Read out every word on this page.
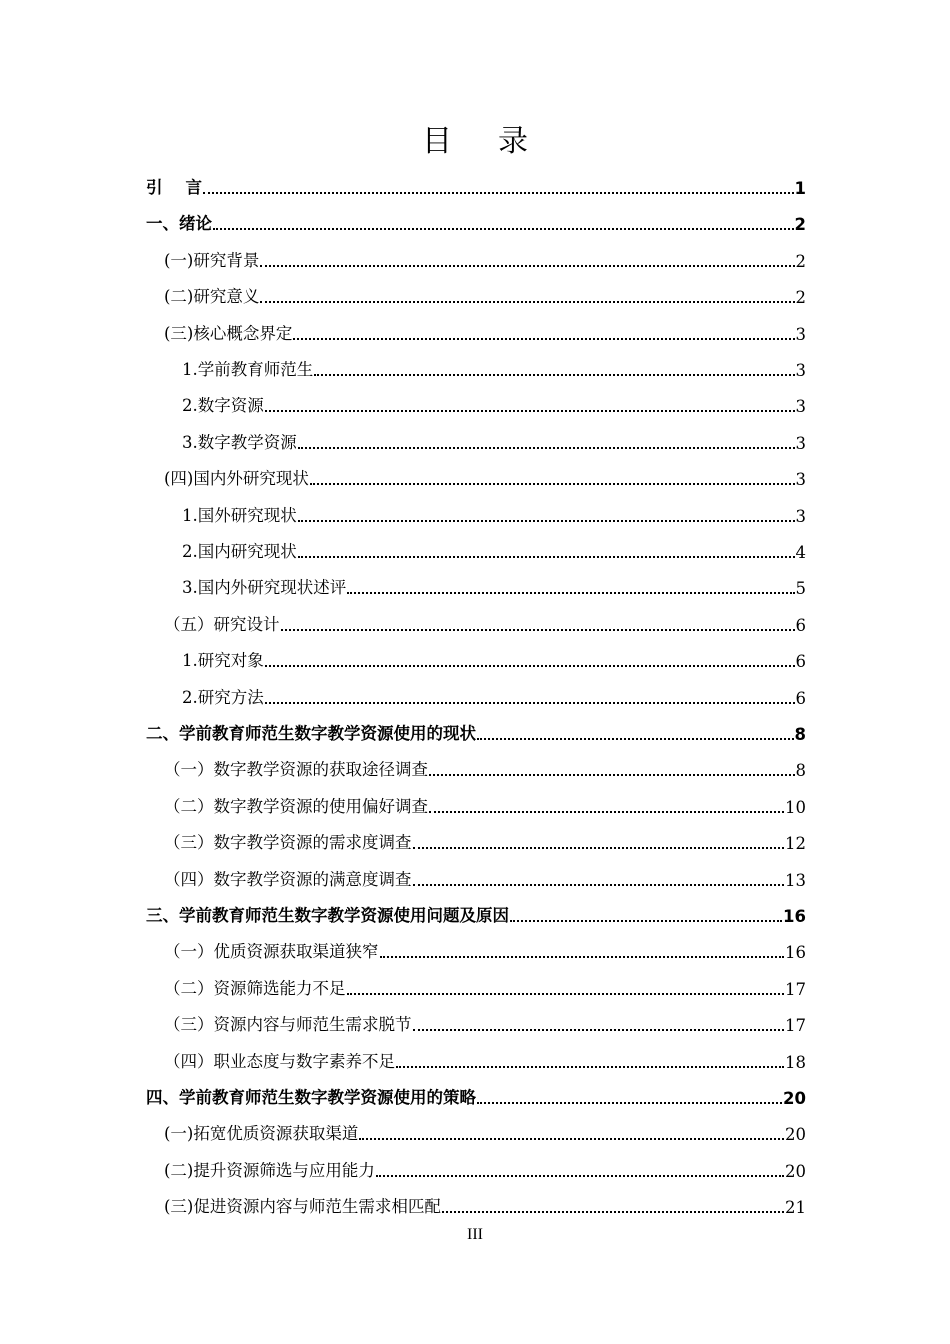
目录
引    言	1
一、绪论	2
(一)研究背景	2
(二)研究意义	2
(三)核心概念界定	3
1.学前教育师范生	3
2.数字资源	3
3.数字教学资源	3
(四)国内外研究现状	3
1.国外研究现状	3
2.国内研究现状	4
3.国内外研究现状述评	5
（五）研究设计	6
1.研究对象	6
2.研究方法	6
二、学前教育师范生数字教学资源使用的现状	8
（一）数字教学资源的获取途径调查	8
（二）数字教学资源的使用偏好调查	10
（三）数字教学资源的需求度调查	12
（四）数字教学资源的满意度调查	13
三、学前教育师范生数字教学资源使用问题及原因	16
（一）优质资源获取渠道狭窄	16
（二）资源筛选能力不足	17
（三）资源内容与师范生需求脱节	17
（四）职业态度与数字素养不足	18
四、学前教育师范生数字教学资源使用的策略	20
(一)拓宽优质资源获取渠道	20
(二)提升资源筛选与应用能力	20
(三)促进资源内容与师范生需求相匹配	21
III
